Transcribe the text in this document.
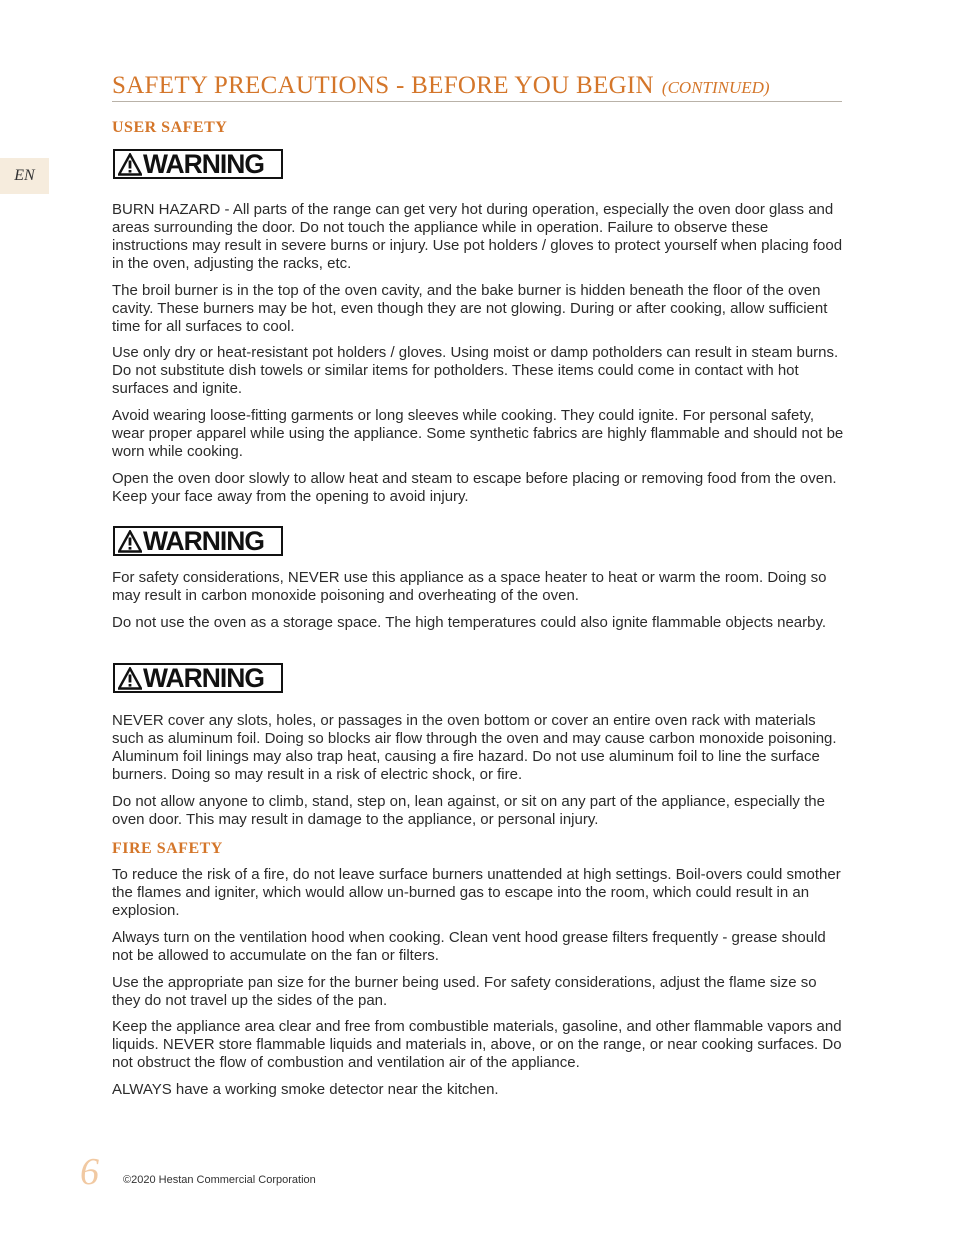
SAFETY PRECAUTIONS - BEFORE YOU BEGIN (CONTINUED)
EN
USER SAFETY
WARNING

BURN HAZARD - All parts of the range can get very hot during operation, especially the oven door glass and areas surrounding the door. Do not touch the appliance while in operation. Failure to observe these instructions may result in severe burns or injury. Use pot holders / gloves to protect yourself when placing food in the oven, adjusting the racks, etc.

The broil burner is in the top of the oven cavity, and the bake burner is hidden beneath the floor of the oven cavity. These burners may be hot, even though they are not glowing. During or after cooking, allow sufficient time for all surfaces to cool.

Use only dry or heat-resistant pot holders / gloves. Using moist or damp potholders can result in steam burns. Do not substitute dish towels or similar items for potholders. These items could come in contact with hot surfaces and ignite.

Avoid wearing loose-fitting garments or long sleeves while cooking. They could ignite. For personal safety, wear proper apparel while using the appliance. Some synthetic fabrics are highly flammable and should not be worn while cooking.

Open the oven door slowly to allow heat and steam to escape before placing or removing food from the oven. Keep your face away from the opening to avoid injury.

WARNING

For safety considerations, NEVER use this appliance as a space heater to heat or warm the room. Doing so may result in carbon monoxide poisoning and overheating of the oven.

Do not use the oven as a storage space. The high temperatures could also ignite flammable objects nearby.

WARNING

NEVER cover any slots, holes, or passages in the oven bottom or cover an entire oven rack with materials such as aluminum foil. Doing so blocks air flow through the oven and may cause carbon monoxide poisoning. Aluminum foil linings may also trap heat, causing a fire hazard. Do not use aluminum foil to line the surface burners. Doing so may result in a risk of electric shock, or fire.

Do not allow anyone to climb, stand, step on, lean against, or sit on any part of the appliance, especially the oven door. This may result in damage to the appliance, or personal injury.

FIRE SAFETY

To reduce the risk of a fire, do not leave surface burners unattended at high settings. Boil-overs could smother the flames and igniter, which would allow un-burned gas to escape into the room, which could result in an explosion.

Always turn on the ventilation hood when cooking. Clean vent hood grease filters frequently - grease should not be allowed to accumulate on the fan or filters.

Use the appropriate pan size for the burner being used. For safety considerations, adjust the flame size so they do not travel up the sides of the pan.

Keep the appliance area clear and free from combustible materials, gasoline, and other flammable vapors and liquids. NEVER store flammable liquids and materials in, above, or on the range, or near cooking surfaces. Do not obstruct the flow of combustion and ventilation air of the appliance.

ALWAYS have a working smoke detector near the kitchen.

6 ©2020 Hestan Commercial Corporation
